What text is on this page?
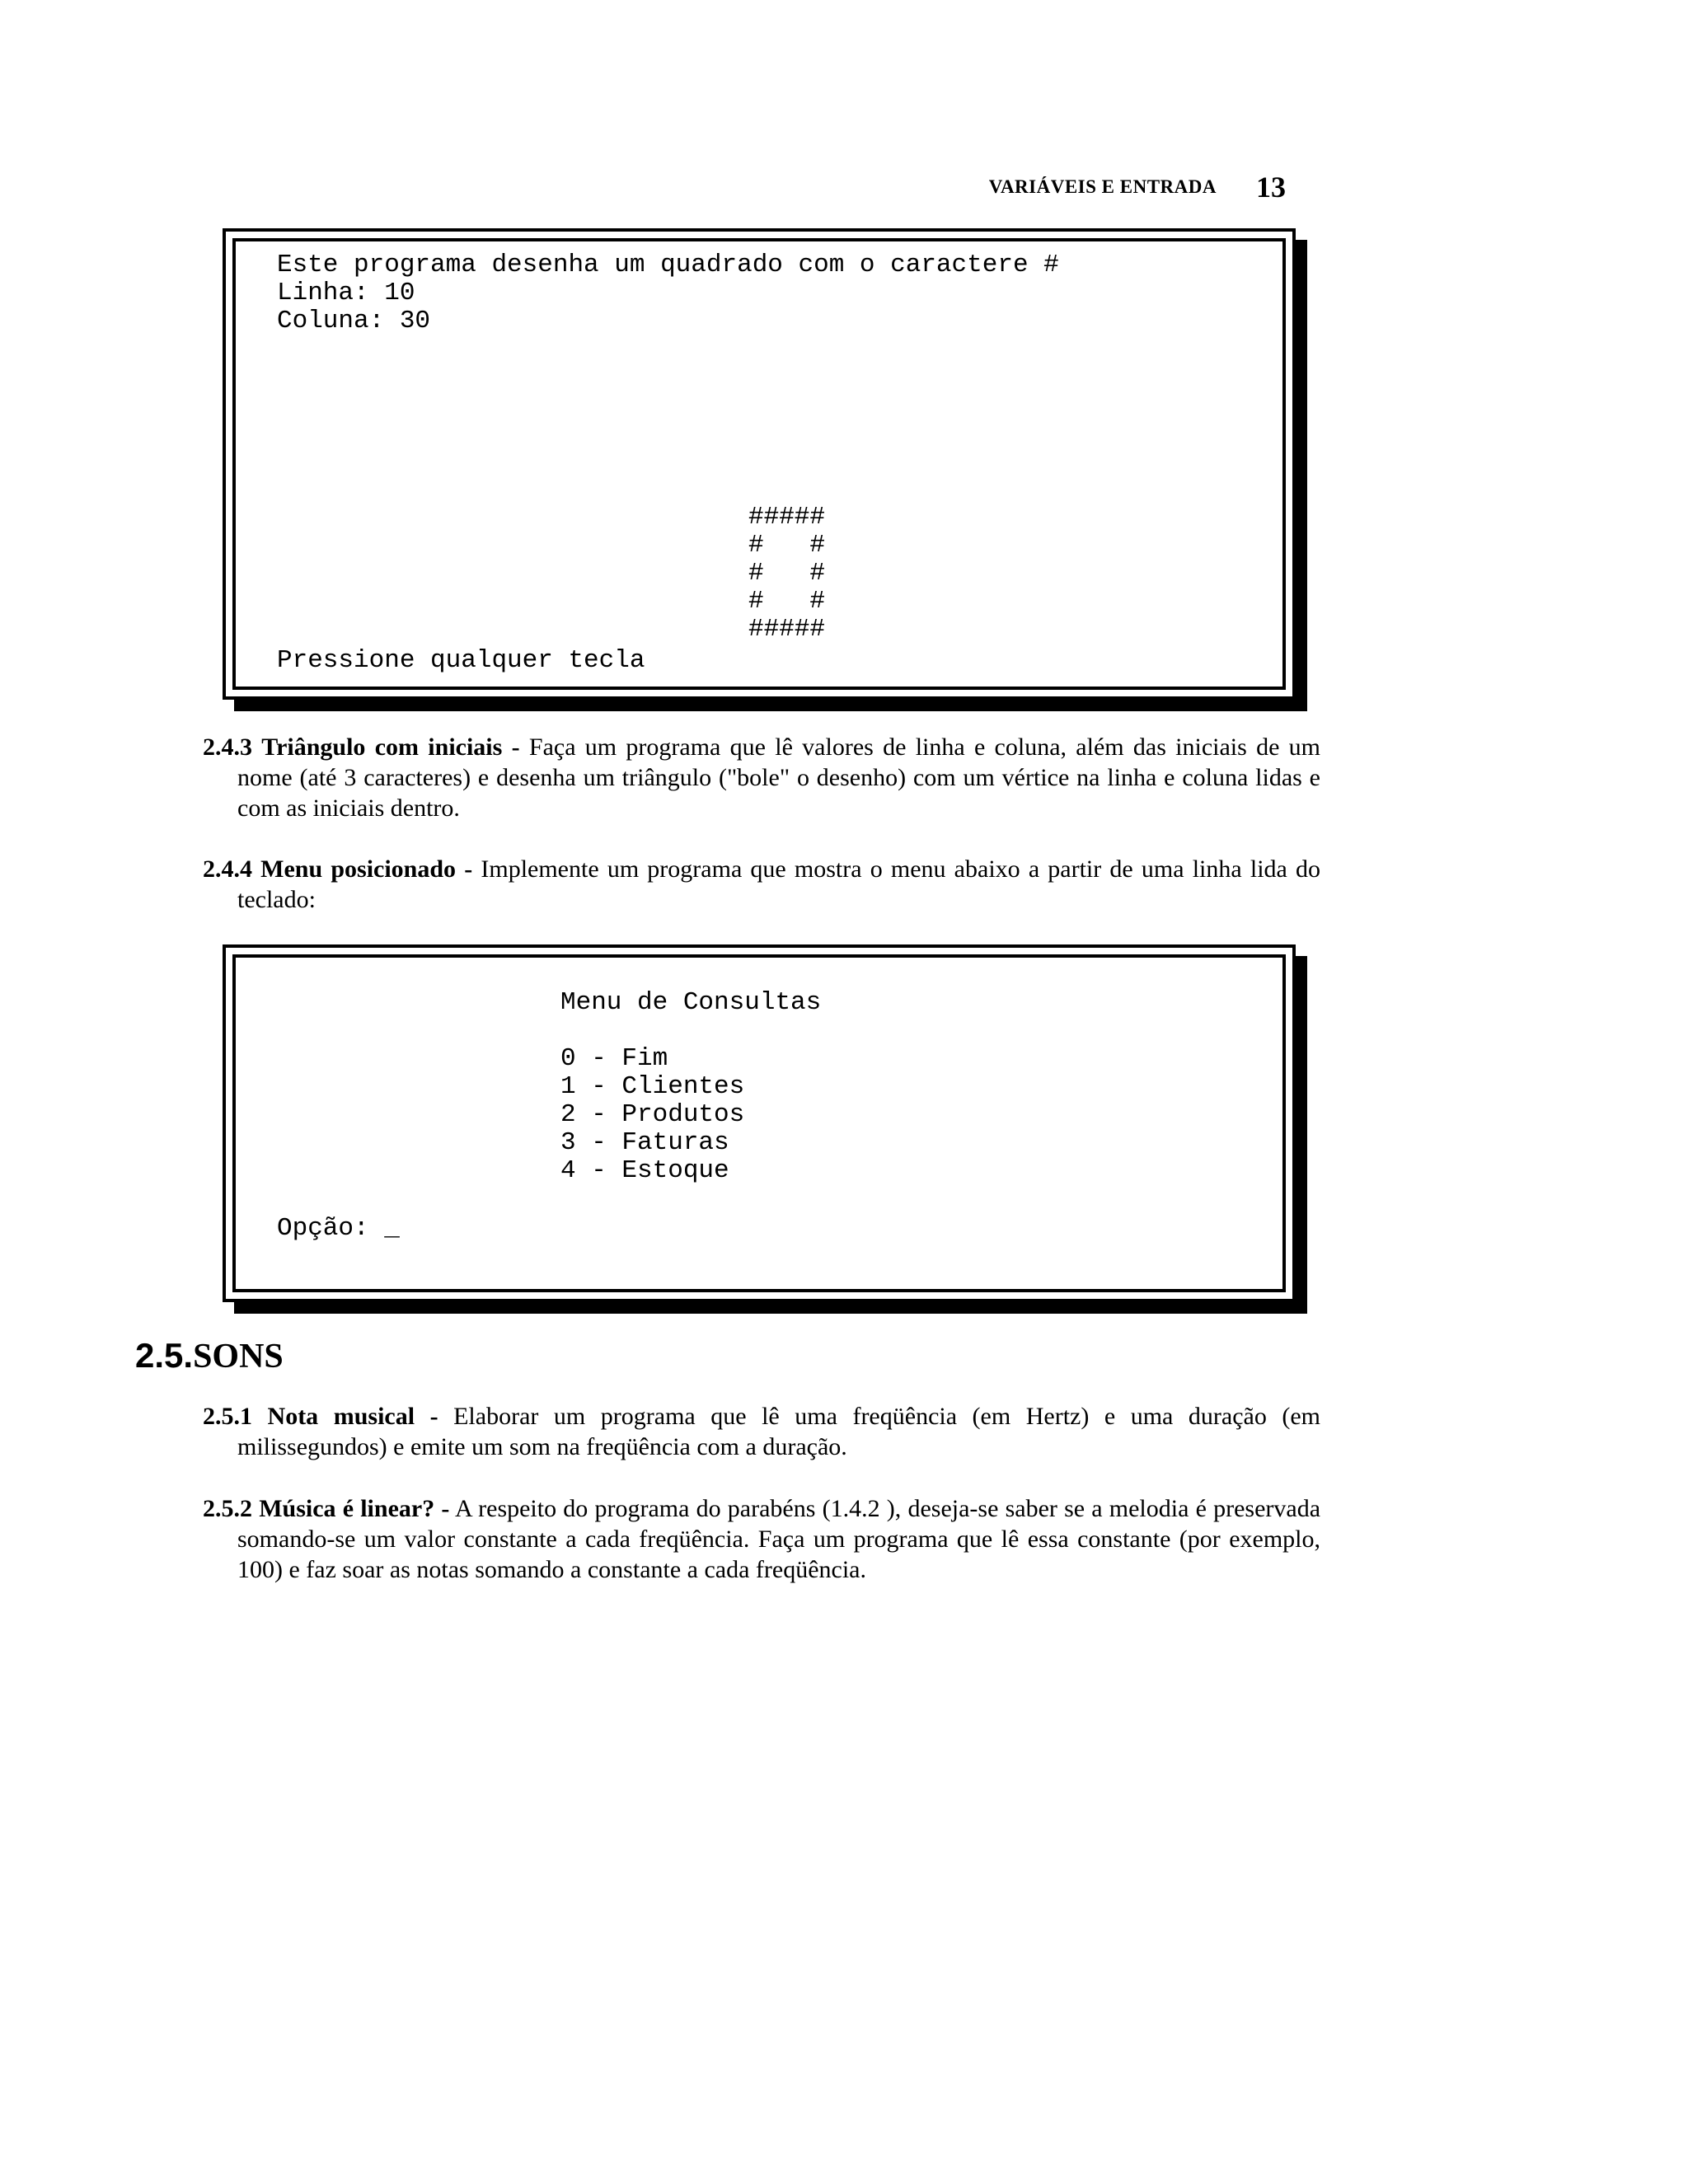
VARIÁVEIS E ENTRADA 13
Este programa desenha um quadrado com o caractere #
Linha: 10
Coluna: 30
#####
#   #
#   #
#   #
#####
Pressione qualquer tecla

2.4.3 Triângulo com iniciais - Faça um programa que lê valores de linha e coluna, além das iniciais de um nome (até 3 caracteres) e desenha um triângulo ("bole" o desenho) com um vértice na linha e coluna lidas e com as iniciais dentro.

2.4.4 Menu posicionado - Implemente um programa que mostra o menu abaixo a partir de uma linha lida do teclado:

Menu de Consultas
0 - Fim
1 - Clientes
2 - Produtos
3 - Faturas
4 - Estoque
Opção: _
2.5.SONS

2.5.1 Nota musical - Elaborar um programa que lê uma freqüência (em Hertz) e uma duração (em milissegundos) e emite um som na freqüência com a duração.

2.5.2 Música é linear? - A respeito do programa do parabéns (1.4.2 ), deseja-se saber se a melodia é preservada somando-se um valor constante a cada freqüência. Faça um programa que lê essa constante (por exemplo, 100) e faz soar as notas somando a constante a cada freqüência.
